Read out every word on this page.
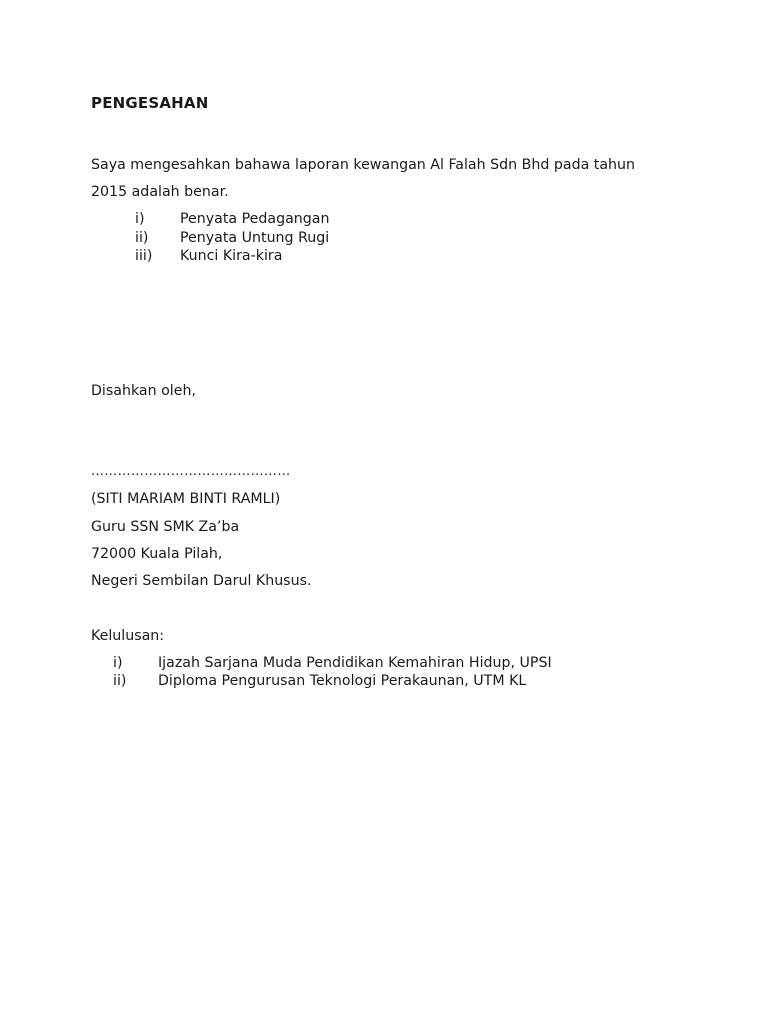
PENGESAHAN
Saya mengesahkan bahawa laporan kewangan Al Falah Sdn Bhd pada tahun
2015 adalah benar.
i)	Penyata Pedagangan
ii) Penyata Untung Rugi
iii) Kunci Kira-kira
Disahkan oleh,
………………………………………
(SITI MARIAM BINTI RAMLI)
Guru SSN SMK Za’ba
72000 Kuala Pilah,
Negeri Sembilan Darul Khusus.
Kelulusan:
i)	Ijazah Sarjana Muda Pendidikan Kemahiran Hidup, UPSI
ii) Diploma Pengurusan Teknologi Perakaunan, UTM KL
